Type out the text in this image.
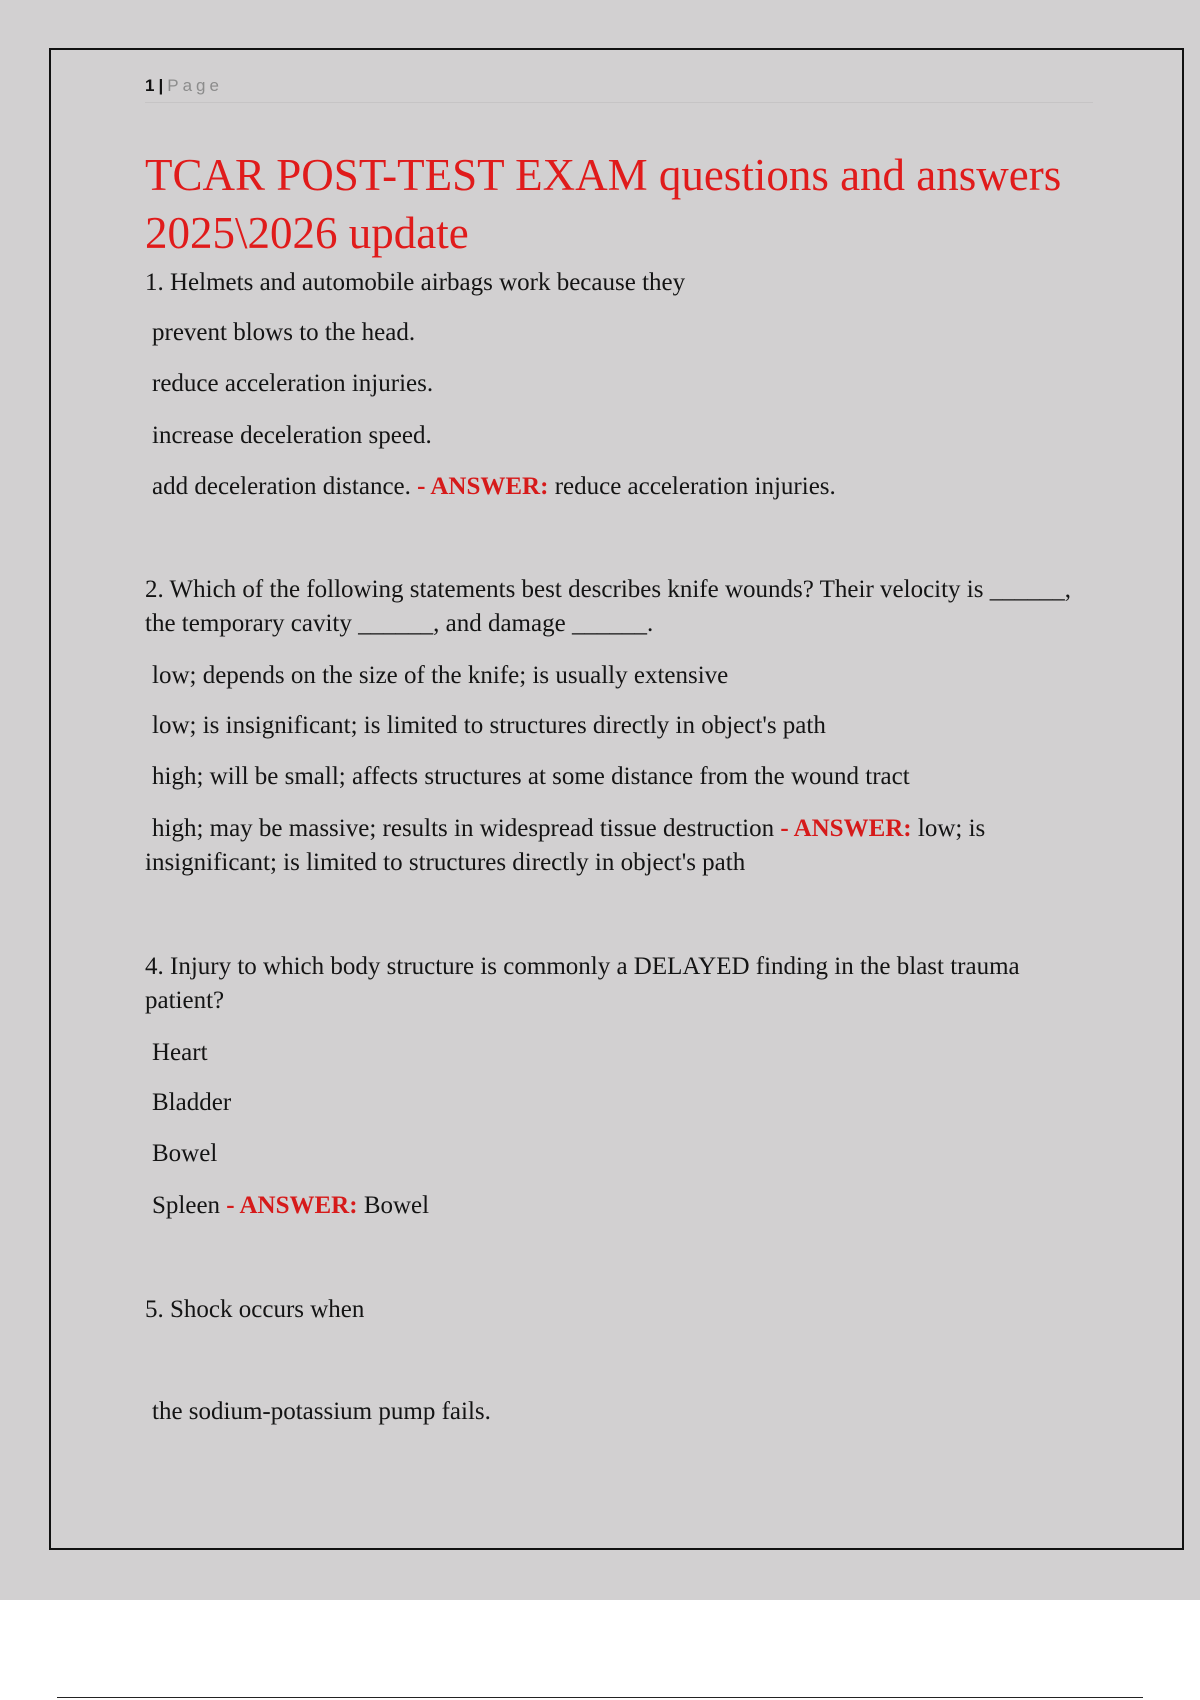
1 | Page
TCAR POST-TEST EXAM questions and answers 2025\2026 update

1. Helmets and automobile airbags work because they

prevent blows to the head.

reduce acceleration injuries.

increase deceleration speed.

add deceleration distance. - ANSWER: reduce acceleration injuries.

2. Which of the following statements best describes knife wounds? Their velocity is ______, the temporary cavity ______, and damage ______.

low; depends on the size of the knife; is usually extensive

low; is insignificant; is limited to structures directly in object's path

high; will be small; affects structures at some distance from the wound tract

high; may be massive; results in widespread tissue destruction - ANSWER: low; is insignificant; is limited to structures directly in object's path

4. Injury to which body structure is commonly a DELAYED finding in the blast trauma patient?

Heart

Bladder

Bowel

Spleen - ANSWER: Bowel

5. Shock occurs when

the sodium-potassium pump fails.
